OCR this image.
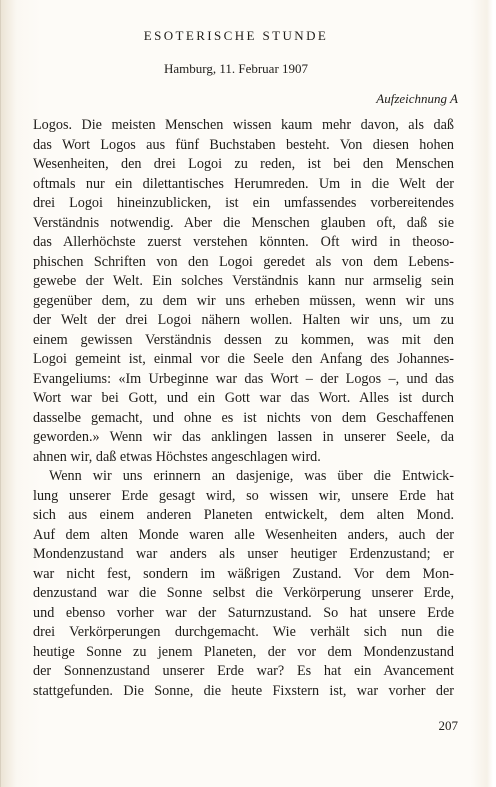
ESOTERISCHE STUNDE
Hamburg, 11. Februar 1907
Aufzeichnung A
Logos. Die meisten Menschen wissen kaum mehr davon, als daß
das Wort Logos aus fünf Buchstaben besteht. Von diesen hohen
Wesenheiten, den drei Logoi zu reden, ist bei den Menschen
oftmals nur ein dilettantisches Herumreden. Um in die Welt der
drei Logoi hineinzublicken, ist ein umfassendes vorbereitendes
Verständnis notwendig. Aber die Menschen glauben oft, daß sie
das Allerhöchste zuerst verstehen könnten. Oft wird in theoso-
phischen Schriften von den Logoi geredet als von dem Lebens-
gewebe der Welt. Ein solches Verständnis kann nur armselig sein
gegenüber dem, zu dem wir uns erheben müssen, wenn wir uns
der Welt der drei Logoi nähern wollen. Halten wir uns, um zu
einem gewissen Verständnis dessen zu kommen, was mit den
Logoi gemeint ist, einmal vor die Seele den Anfang des Johannes-
Evangeliums: «Im Urbeginne war das Wort – der Logos –, und das
Wort war bei Gott, und ein Gott war das Wort. Alles ist durch
dasselbe gemacht, und ohne es ist nichts von dem Geschaffenen
geworden.» Wenn wir das anklingen lassen in unserer Seele, da
ahnen wir, daß etwas Höchstes angeschlagen wird.
Wenn wir uns erinnern an dasjenige, was über die Entwick-
lung unserer Erde gesagt wird, so wissen wir, unsere Erde hat
sich aus einem anderen Planeten entwickelt, dem alten Mond.
Auf dem alten Monde waren alle Wesenheiten anders, auch der
Mondenzustand war anders als unser heutiger Erdenzustand; er
war nicht fest, sondern im wäßrigen Zustand. Vor dem Mon-
denzustand war die Sonne selbst die Verkörperung unserer Erde,
und ebenso vorher war der Saturnzustand. So hat unsere Erde
drei Verkörperungen durchgemacht. Wie verhält sich nun die
heutige Sonne zu jenem Planeten, der vor dem Mondenzustand
der Sonnenzustand unserer Erde war? Es hat ein Avancement
stattgefunden. Die Sonne, die heute Fixstern ist, war vorher der
207
